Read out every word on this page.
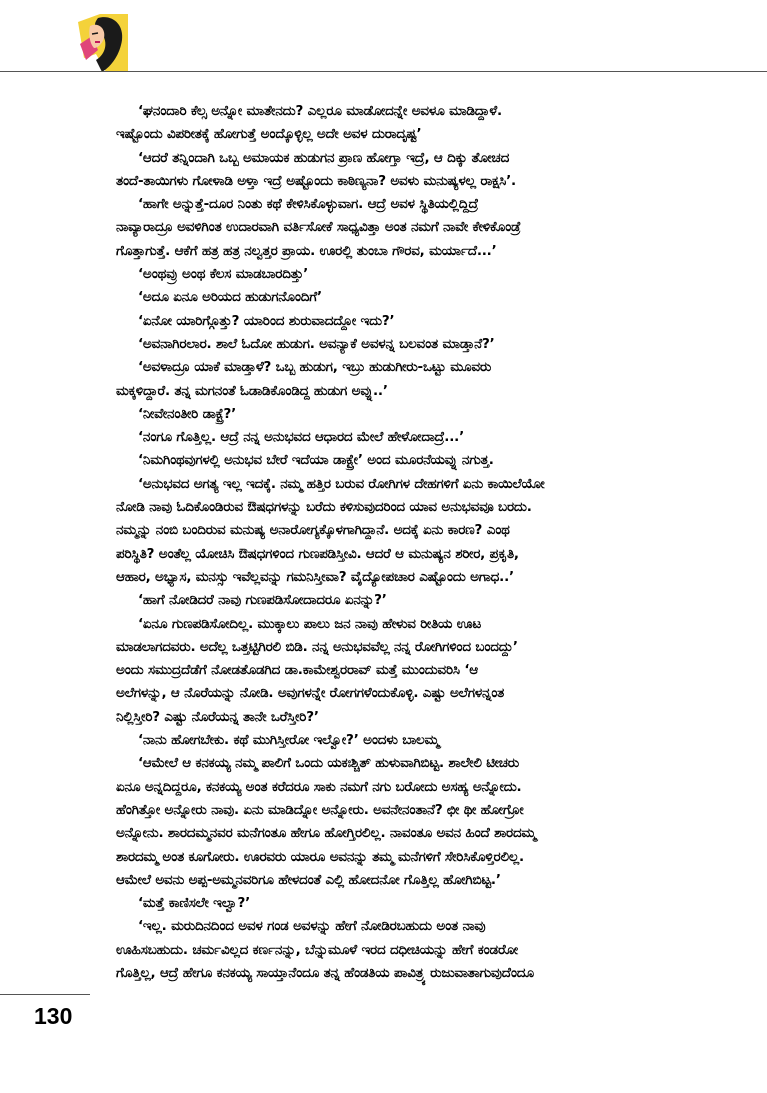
‘ಘನಂದಾರಿ ಕೆಲ್ಸ ಅನ್ನೋ ಮಾತೇನದು? ಎಲ್ಲರೂ ಮಾಡೋದನ್ನೇ ಅವಳೂ ಮಾಡಿದ್ದಾಳೆ.
ಇಷ್ಟೊಂದು ವಿಪರೀತಕ್ಕೆ ಹೋಗುತ್ತೆ ಅಂದ್ಕೊಳ್ಳಿಲ್ಲ ಅದೇ ಅವಳ ದುರಾದೃಷ್ಟ’
‘ಆದರೆ ತನ್ನಿಂದಾಗಿ ಒಬ್ಬ ಅಮಾಯಕ ಹುಡುಗನ ಪ್ರಾಣ ಹೋಗ್ತಾ ಇದ್ರೆ, ಆ ದಿಕ್ಕು ತೋಚದ
ತಂದೆ-ತಾಯಿಗಳು ಗೋಳಾಡಿ ಅಳ್ತಾ ಇದ್ರೆ ಅಷ್ಟೊಂದು ಕಾಠಿಣ್ಯನಾ? ಅವಳು ಮನುಷ್ಯಳಲ್ಲ ರಾಕ್ಷಸಿ’.
‘ಹಾಗೇ ಅನ್ನುತ್ತೆ-ದೂರ ನಿಂತು ಕಥೆ ಕೇಳಿಸಿಕೊಳ್ಳುವಾಗ. ಆದ್ರೆ ಅವಳ ಸ್ಥಿತಿಯಲ್ಲಿದ್ದಿದ್ರೆ
ನಾವ್ಯಾರಾದ್ರೂ ಅವಳಿಗಿಂತ ಉದಾರವಾಗಿ ವರ್ತಿಸೋಕೆ ಸಾಧ್ಯವಿತ್ತಾ ಅಂತ ನಮಗೆ ನಾವೇ ಕೇಳಿಕೊಂಡ್ರೆ
ಗೊತ್ತಾಗುತ್ತೆ. ಆಕೆಗೆ ಹತ್ರ ಹತ್ರ ನಲ್ವತ್ತರ ಪ್ರಾಯ. ಊರಲ್ಲಿ ತುಂಬಾ ಗೌರವ, ಮರ್ಯಾದೆ...’
‘ಅಂಥವ್ರು ಅಂಥ ಕೆಲಸ ಮಾಡಬಾರದಿತ್ತು’
‘ಅದೂ ಏನೂ ಅರಿಯದ ಹುಡುಗನೊಂದಿಗೆ’
‘ಏನೋ ಯಾರಿಗ್ಗೊತ್ತು? ಯಾರಿಂದ ಶುರುವಾದದ್ದೋ ಇದು?’
‘ಅವನಾಗಿರಲಾರ. ಶಾಲೆ ಓದೋ ಹುಡುಗ. ಅವನ್ಯಾಕೆ ಅವಳನ್ನ ಬಲವಂತ ಮಾಡ್ತಾನೆ?’
‘ಅವಳಾದ್ರೂ ಯಾಕೆ ಮಾಡ್ತಾಳೆ? ಒಬ್ಬ ಹುಡುಗ, ಇಬ್ರು ಹುಡುಗೀರು-ಒಟ್ಟು ಮೂವರು
ಮಕ್ಕಳಿದ್ದಾರೆ. ತನ್ನ ಮಗನಂತೆ ಓಡಾಡಿಕೊಂಡಿದ್ದ ಹುಡುಗ ಅವ್ನು..’
‘ನೀವೇನಂತೀರಿ ಡಾಕ್ಟ್ರೆ?’
‘ನಂಗೂ ಗೊತ್ತಿಲ್ಲ. ಆದ್ರೆ ನನ್ನ ಅನುಭವದ ಆಧಾರದ ಮೇಲೆ ಹೇಳೋದಾದ್ರೆ...’
‘ನಿಮಗಿಂಥವುಗಳಲ್ಲಿ ಅನುಭವ ಬೇರೆ ಇದೆಯಾ ಡಾಕ್ಟ್ರೇ’ ಅಂದ ಮೂರನೆಯವ್ನು ನಗುತ್ತ.
‘ಅನುಭವದ ಅಗತ್ಯ ಇಲ್ಲ ಇದಕ್ಕೆ. ನಮ್ಮ ಹತ್ತಿರ ಬರುವ ರೋಗಿಗಳ ದೇಹಗಳಿಗೆ ಏನು ಕಾಯಿಲೆಯೋ
ನೋಡಿ ನಾವು ಓದಿಕೊಂಡಿರುವ ಔಷಧಗಳನ್ನು ಬರೆದು ಕಳಿಸುವುದರಿಂದ ಯಾವ ಅನುಭವವೂ ಬರದು.
ನಮ್ಮನ್ನು ನಂಬಿ ಬಂದಿರುವ ಮನುಷ್ಯ ಅನಾರೋಗ್ಯಕ್ಕೊಳಗಾಗಿದ್ದಾನೆ. ಅದಕ್ಕೆ ಏನು ಕಾರಣ? ಎಂಥ
ಪರಿಸ್ಥಿತಿ? ಅಂತೆಲ್ಲ ಯೋಚಿಸಿ ಔಷಧಗಳಿಂದ ಗುಣಪಡಿಸ್ತೀವಿ. ಆದರೆ ಆ ಮನುಷ್ಯನ ಶರೀರ, ಪ್ರಕೃತಿ,
ಆಹಾರ, ಅಭ್ಯಾಸ, ಮನಸ್ಸು ಇವೆಲ್ಲವನ್ನು ಗಮನಿಸ್ತೀವಾ? ವೈದ್ಯೋಪಚಾರ ಎಷ್ಟೊಂದು ಅಗಾಧ..’
‘ಹಾಗೆ ನೋಡಿದರೆ ನಾವು ಗುಣಪಡಿಸೋದಾದರೂ ಏನನ್ನು?’
‘ಏನೂ ಗುಣಪಡಿಸೋದಿಲ್ಲ. ಮುಕ್ಕಾಲು ಪಾಲು ಜನ ನಾವು ಹೇಳುವ ರೀತಿಯ ಊಟ
ಮಾಡಲಾಗದವರು. ಅದೆಲ್ಲ ಒತ್ತಟ್ಟಿಗಿರಲಿ ಬಿಡಿ. ನನ್ನ ಅನುಭವವೆಲ್ಲ ನನ್ನ ರೋಗಿಗಳಿಂದ ಬಂದದ್ದು’
ಅಂದು ಸಮುದ್ರದೆಡೆಗೆ ನೋಡತೊಡಗಿದ ಡಾ.ಕಾಮೇಶ್ವರರಾವ್ ಮತ್ತೆ ಮುಂದುವರಿಸಿ ‘ಆ
ಅಲೆಗಳನ್ನು, ಆ ನೊರೆಯನ್ನು ನೋಡಿ. ಅವುಗಳನ್ನೇ ರೋಗಗಳೆಂದುಕೊಳ್ಳಿ. ಎಷ್ಟು ಅಲೆಗಳನ್ನಂತ
ನಿಲ್ಲಿಸ್ತೀರಿ? ಎಷ್ಟು ನೊರೆಯನ್ನ ತಾನೇ ಒರೆಸ್ತೀರಿ?’
‘ನಾನು ಹೋಗಬೇಕು. ಕಥೆ ಮುಗಿಸ್ತೀರೋ ಇಲ್ವೋ?’ ಅಂದಳು ಬಾಲಮ್ಮ
‘ಆಮೇಲೆ ಆ ಕನಕಯ್ಯ ನಮ್ಮ ಪಾಲಿಗೆ ಒಂದು ಯಕಃಶ್ಚಿತ್ ಹುಳುವಾಗಿಬಿಟ್ಟ. ಶಾಲೇಲಿ ಟೀಚರು
ಏನೂ ಅನ್ನದಿದ್ದರೂ, ಕನಕಯ್ಯ ಅಂತ ಕರೆದರೂ ಸಾಕು ನಮಗೆ ನಗು ಬರೋದು ಅಸಹ್ಯ ಅನ್ನೋದು.
ಹೆಂಗಿತ್ತೋ ಅನ್ನೋರು ನಾವು. ಏನು ಮಾಡಿದ್ನೋ ಅನ್ನೋರು. ಅವನೇನಂತಾನೆ? ಛೀ ಥೀ ಹೋಗ್ರೋ
ಅನ್ನೋನು. ಶಾರದಮ್ಮನವರ ಮನೆಗಂತೂ ಹೇಗೂ ಹೋಗ್ತಿರಲಿಲ್ಲ. ನಾವಂತೂ ಅವನ ಹಿಂದೆ ಶಾರದಮ್ಮ
ಶಾರದಮ್ಮ ಅಂತ ಕೂಗೋರು. ಊರವರು ಯಾರೂ ಅವನನ್ನು ತಮ್ಮ ಮನೆಗಳಿಗೆ ಸೇರಿಸಿಕೊಳ್ತಿರಲಿಲ್ಲ.
ಆಮೇಲೆ ಅವನು ಅಪ್ಪ-ಅಮ್ಮನವರಿಗೂ ಹೇಳದಂತೆ ಎಲ್ಲಿ ಹೋದನೋ ಗೊತ್ತಿಲ್ಲ ಹೋಗಿಬಿಟ್ಟ.’
‘ಮತ್ತೆ ಕಾಣಿಸಲೇ ಇಲ್ವಾ?’
‘ಇಲ್ಲ. ಮರುದಿನದಿಂದ ಅವಳ ಗಂಡ ಅವಳನ್ನು ಹೇಗೆ ನೋಡಿರಬಹುದು ಅಂತ ನಾವು
ಊಹಿಸಬಹುದು. ಚರ್ಮವಿಲ್ಲದ ಕರ್ಣನನ್ನು, ಬೆನ್ನುಮೂಳೆ ಇರದ ದಧೀಚಿಯನ್ನು ಹೇಗೆ ಕಂಡರೋ
ಗೊತ್ತಿಲ್ಲ, ಆದ್ರೆ ಹೇಗೂ ಕನಕಯ್ಯ ಸಾಯ್ತಾನೆಂದೂ ತನ್ನ ಹೆಂಡತಿಯ ಪಾವಿತ್ರ್ಯ ರುಜುವಾತಾಗುವುದೆಂದೂ
130
